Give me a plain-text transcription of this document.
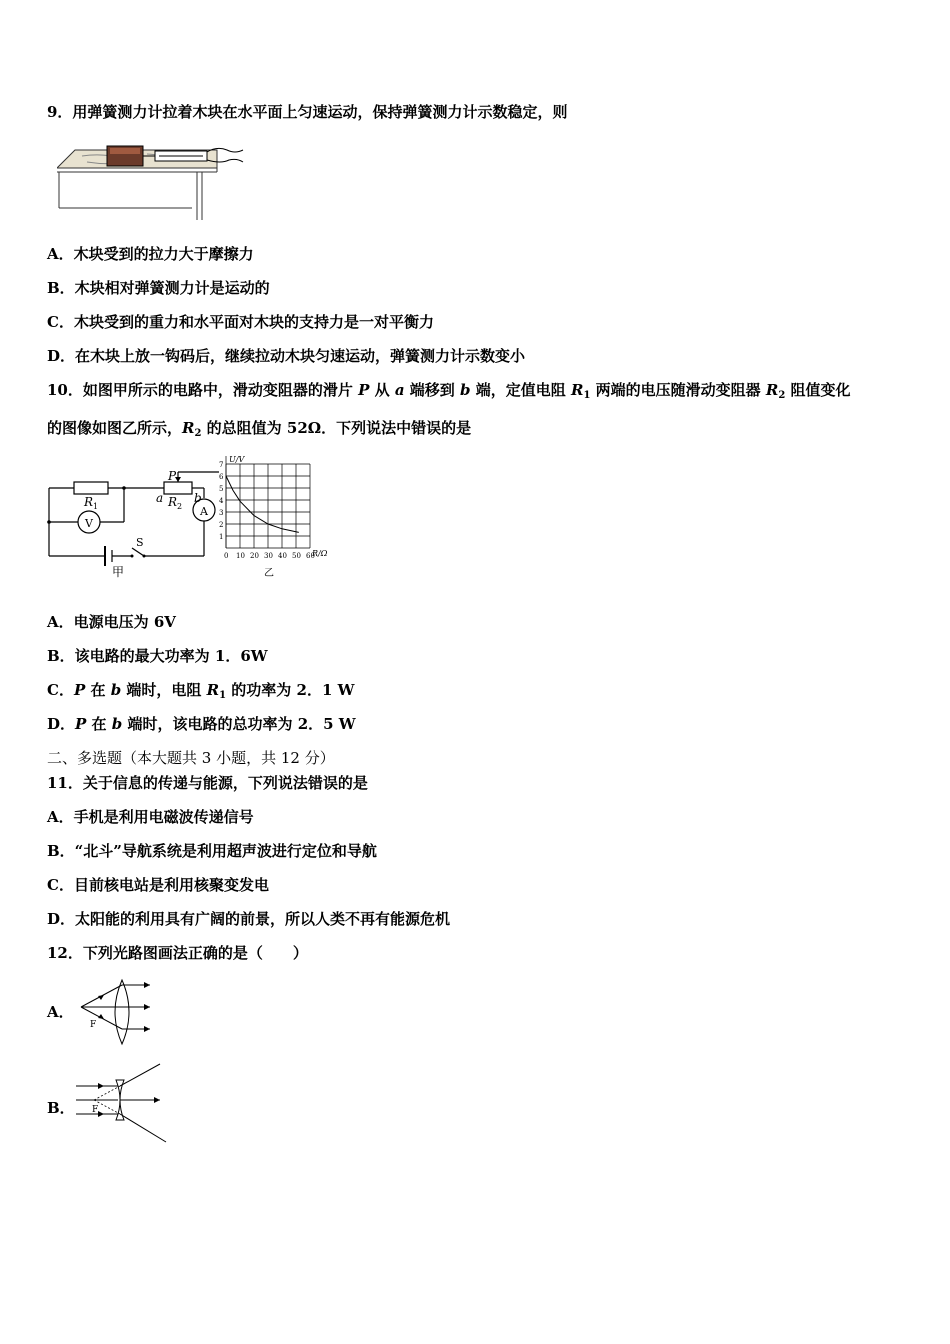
9．用弹簧测力计拉着木块在水平面上匀速运动，保持弹簧测力计示数稳定，则
A．木块受到的拉力大于摩擦力
B．木块相对弹簧测力计是运动的
C．木块受到的重力和水平面对木块的支持力是一对平衡力
D．在木块上放一钩码后，继续拉动木块匀速运动，弹簧测力计示数变小
10．如图甲所示的电路中，滑动变阻器的滑片 P 从 a 端移到 b 端，定值电阻 $R_1$ 两端的电压随滑动变阻器 $R_2$ 阻值变化
的图像如图乙所示，$R_2$ 的总阻值为 52Ω．下列说法中错误的是
$R_1$	$R_2$
P
a	b
V
A
S
甲
1
2
3
4
5
6
7
0 10 20 30 40 50 60
U/V
R/Ω
乙
A．电源电压为 6V
B．该电路的最大功率为 1．6W
C．P 在 b 端时，电阻 $R_1$ 的功率为 2．1 W
D．P 在 b 端时，该电路的总功率为 2．5 W
二、多选题（本大题共 3 小题，共 12 分）
11．关于信息的传递与能源，下列说法错误的是
A．手机是利用电磁波传递信号
B．“北斗”导航系统是利用超声波进行定位和导航
C．目前核电站是利用核聚变发电
D．太阳能的利用具有广阔的前景，所以人类不再有能源危机
12．下列光路图画法正确的是（　　）
A．
F
B． F
